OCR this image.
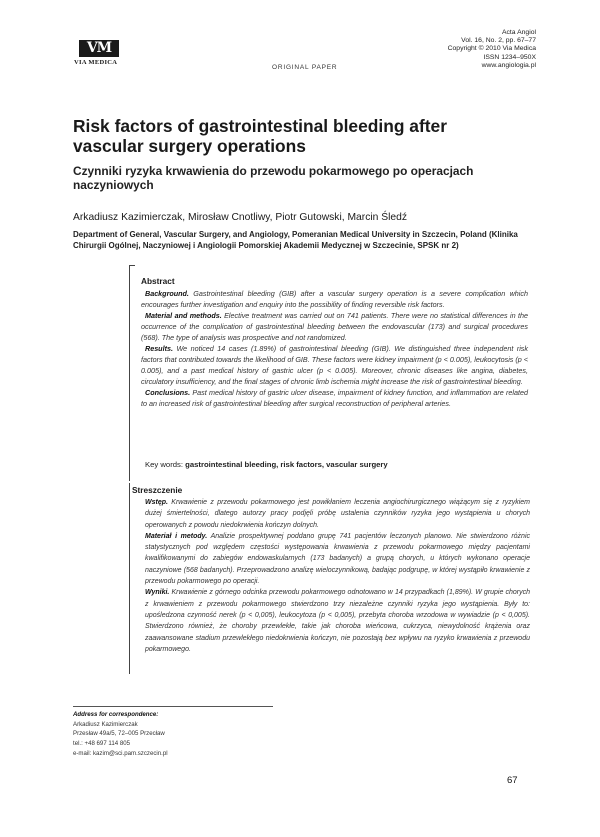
VM
VIA MEDICA
ORIGINAL PAPER
Acta Angiol
Vol. 16, No. 2, pp. 67–77
Copyright © 2010 Via Medica
ISSN 1234–950X
www.angiologia.pl
Risk factors of gastrointestinal bleeding after vascular surgery operations
Czynniki ryzyka krwawienia do przewodu pokarmowego po operacjach naczyniowych
Arkadiusz Kazimierczak, Mirosław Cnotliwy, Piotr Gutowski, Marcin Śledź
Department of General, Vascular Surgery, and Angiology, Pomeranian Medical University in Szczecin, Poland (Klinika Chirurgii Ogólnej, Naczyniowej i Angiologii Pomorskiej Akademii Medycznej w Szczecinie, SPSK nr 2)
Abstract

Background. Gastrointestinal bleeding (GIB) after a vascular surgery operation is a severe complication which encourages further investigation and enquiry into the possibility of finding reversible risk factors.

Material and methods. Elective treatment was carried out on 741 patients. There were no statistical differences in the occurrence of the complication of gastrointestinal bleeding between the endovascular (173) and surgical procedures (568). The type of analysis was prospective and not randomized.

Results. We noticed 14 cases (1.89%) of gastrointestinal bleeding (GIB). We distinguished three independent risk factors that contributed towards the likelihood of GIB. These factors were kidney impairment (p < 0.005), leukocytosis (p < 0.005), and a past medical history of gastric ulcer (p < 0.005). Moreover, chronic diseases like angina, diabetes, circulatory insufficiency, and the final stages of chronic limb ischemia might increase the risk of gastrointestinal bleeding.

Conclusions. Past medical history of gastric ulcer disease, impairment of kidney function, and inflammation are related to an increased risk of gastrointestinal bleeding after surgical reconstruction of peripheral arteries.

Key words: gastrointestinal bleeding, risk factors, vascular surgery
Streszczenie

Wstęp. Krwawienie z przewodu pokarmowego jest powikłaniem leczenia angiochirurgicznego wiążącym się z ryzykiem dużej śmiertelności, dlatego autorzy pracy podjęli próbę ustalenia czynników ryzyka jego wystąpienia u chorych operowanych z powodu niedokrwienia kończyn dolnych.

Materiał i metody. Analizie prospektywnej poddano grupę 741 pacjentów leczonych planowo. Nie stwierdzono różnic statystycznych pod względem częstości występowania krwawienia z przewodu pokarmowego między pacjentami kwalifikowanymi do zabiegów endowaskularnych (173 badanych) a grupą chorych, u których wykonano operacje naczyniowe (568 badanych). Przeprowadzono analizę wieloczynnikową, badając podgrupę, w której wystąpiło krwawienie z przewodu pokarmowego po operacji.

Wyniki. Krwawienie z górnego odcinka przewodu pokarmowego odnotowano w 14 przypadkach (1,89%). W grupie chorych z krwawieniem z przewodu pokarmowego stwierdzono trzy niezależne czynniki ryzyka jego wystąpienia. Były to: upośledzona czynność nerek (p < 0,005), leukocytoza (p < 0,005), przebyta choroba wrzodowa w wywiadzie (p < 0,005). Stwierdzono również, że choroby przewlekłe, takie jak choroba wieńcowa, cukrzyca, niewydolność krążenia oraz zaawansowane stadium przewlekłego niedokrwienia kończyn, nie pozostają bez wpływu na ryzyko krwawienia z przewodu pokarmowego.

Address for correspondence:
Arkadiusz Kazimierczak
Przesław 49a/5, 72–005 Przecław
tel.: +48 697 114 805
e-mail: kazim@sci.pam.szczecin.pl
67
